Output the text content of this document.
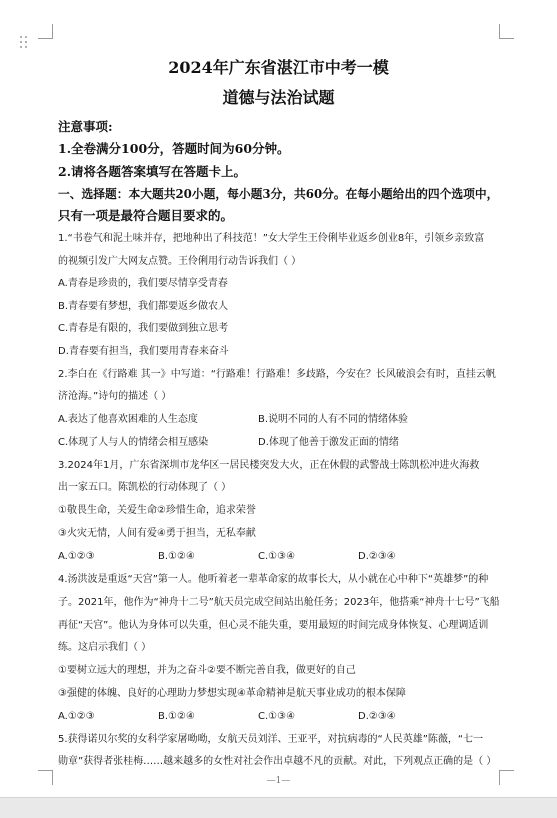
2024年广东省湛江市中考一模
道德与法治试题
注意事项:
1.全卷满分100分，答题时间为60分钟。
2.请将各题答案填写在答题卡上。
一、选择题：本大题共20小题，每小题3分，共60分。在每小题给出的四个选项中，
只有一项是最符合题目要求的。
1.“书卷气和泥土味并存，把地种出了科技范！”女大学生王伶俐毕业返乡创业8年，引领乡亲致富
的视频引发广大网友点赞。王伶俐用行动告诉我们（ ）
A.青春是珍贵的，我们要尽情享受青春
B.青春要有梦想，我们都要返乡做农人
C.青春是有限的，我们要做到独立思考
D.青春要有担当，我们要用青春来奋斗
2.李白在《行路难 其一》中写道：“行路难！行路难！多歧路，今安在？长风破浪会有时，直挂云帆
济沧海。”诗句的描述（ ）
A.表达了他喜欢困难的人生态度	B.说明不同的人有不同的情绪体验
C.体现了人与人的情绪会相互感染	D.体现了他善于激发正面的情绪
3.2024年1月，广东省深圳市龙华区一居民楼突发大火，正在休假的武警战士陈凯松冲进火海救
出一家五口。陈凯松的行动体现了（ ）
①敬畏生命，关爱生命②珍惜生命，追求荣誉
③火灾无情，人间有爱④勇于担当，无私奉献
A.①②③	B.①②④	C.①③④	D.②③④
4.汤洪波是重返“天宫”第一人。他听着老一辈革命家的故事长大，从小就在心中种下“英雄梦”的种
子。2021年，他作为“神舟十二号”航天员完成空间站出舱任务；2023年，他搭乘“神舟十七号”飞船
再征“天宫”。他认为身体可以失重，但心灵不能失重，要用最短的时间完成身体恢复、心理调适训
练。这启示我们（ ）
①要树立远大的理想，并为之奋斗②要不断完善自我，做更好的自己
③强健的体魄、良好的心理助力梦想实现④革命精神是航天事业成功的根本保障
A.①②③	B.①②④	C.①③④	D.②③④
5.获得诺贝尔奖的女科学家屠呦呦，女航天员刘洋、王亚平，对抗病毒的“人民英雄”陈薇，“七一
勋章”获得者张桂梅……越来越多的女性对社会作出卓越不凡的贡献。对此，下列观点正确的是（ ）
—1—
